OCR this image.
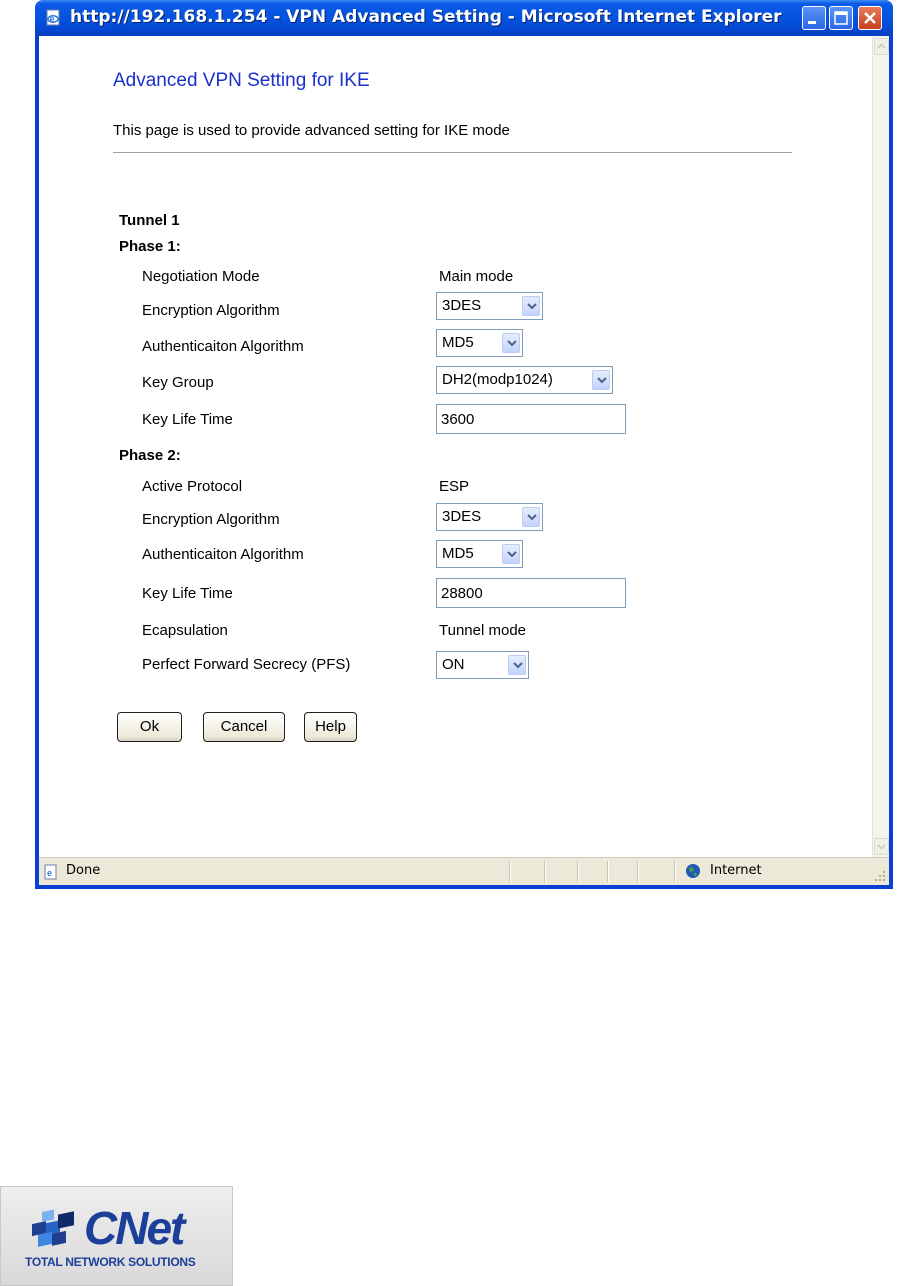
e http://192.168.1.254 - VPN Advanced Setting - Microsoft Internet Explorer
e Done	Internet
Advanced VPN Setting for IKE
This page is used to provide advanced setting for IKE mode
Tunnel 1
Phase 1:
Negotiation Mode	Main mode
Encryption Algorithm	3DES
Authenticaiton Algorithm	MD5
Key Group	DH2(modp1024)
Key Life Time	3600
Phase 2:
Active Protocol	ESP
Encryption Algorithm	3DES
Authenticaiton Algorithm	MD5
Key Life Time	28800
Ecapsulation	Tunnel mode
Perfect Forward Secrecy (PFS)	ON
Ok	Cancel	Help
CNet
TOTAL NETWORK SOLUTIONS
